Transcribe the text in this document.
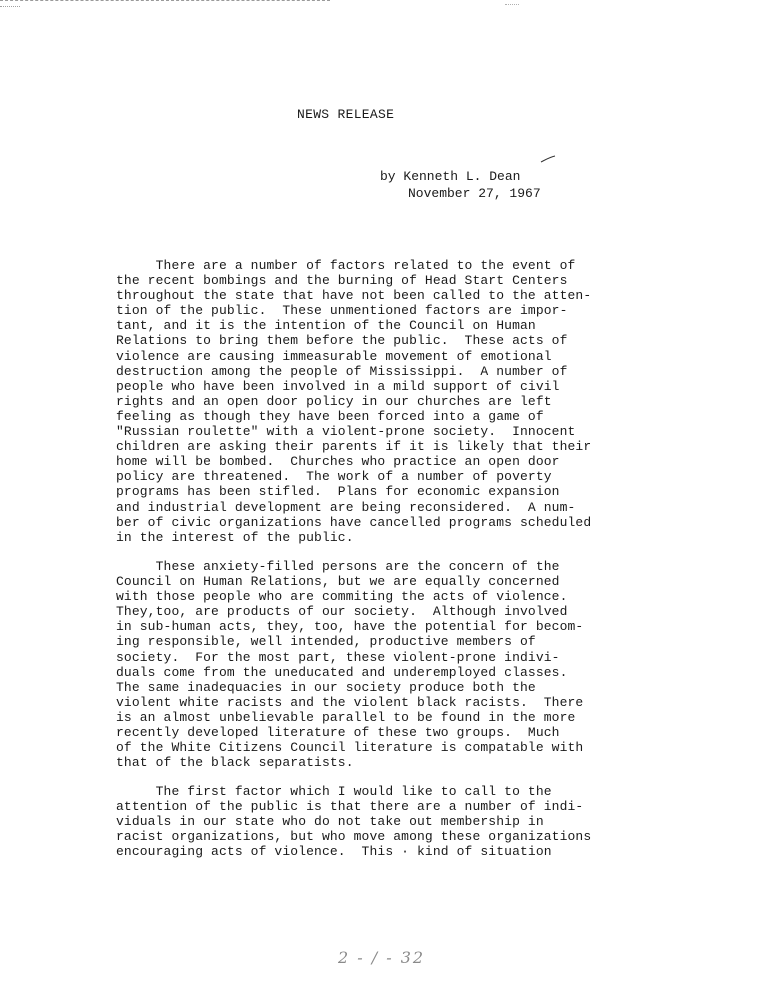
NEWS RELEASE
by Kenneth L. Dean
November 27, 1967
There are a number of factors related to the event of
the recent bombings and the burning of Head Start Centers
throughout the state that have not been called to the atten-
tion of the public.  These unmentioned factors are impor-
tant, and it is the intention of the Council on Human
Relations to bring them before the public.  These acts of
violence are causing immeasurable movement of emotional
destruction among the people of Mississippi.  A number of
people who have been involved in a mild support of civil
rights and an open door policy in our churches are left
feeling as though they have been forced into a game of
"Russian roulette" with a violent-prone society.  Innocent
children are asking their parents if it is likely that their
home will be bombed.  Churches who practice an open door
policy are threatened.  The work of a number of poverty
programs has been stifled.  Plans for economic expansion
and industrial development are being reconsidered.  A num-
ber of civic organizations have cancelled programs scheduled
in the interest of the public.
These anxiety-filled persons are the concern of the
Council on Human Relations, but we are equally concerned
with those people who are commiting the acts of violence.
They,too, are products of our society.  Although involved
in sub-human acts, they, too, have the potential for becom-
ing responsible, well intended, productive members of
society.  For the most part, these violent-prone indivi-
duals come from the uneducated and underemployed classes.
The same inadequacies in our society produce both the
violent white racists and the violent black racists.  There
is an almost unbelievable parallel to be found in the more
recently developed literature of these two groups.  Much
of the White Citizens Council literature is compatable with
that of the black separatists.
The first factor which I would like to call to the
attention of the public is that there are a number of indi-
viduals in our state who do not take out membership in
racist organizations, but who move among these organizations
encouraging acts of violence.  This · kind of situation
2 - / - 32
